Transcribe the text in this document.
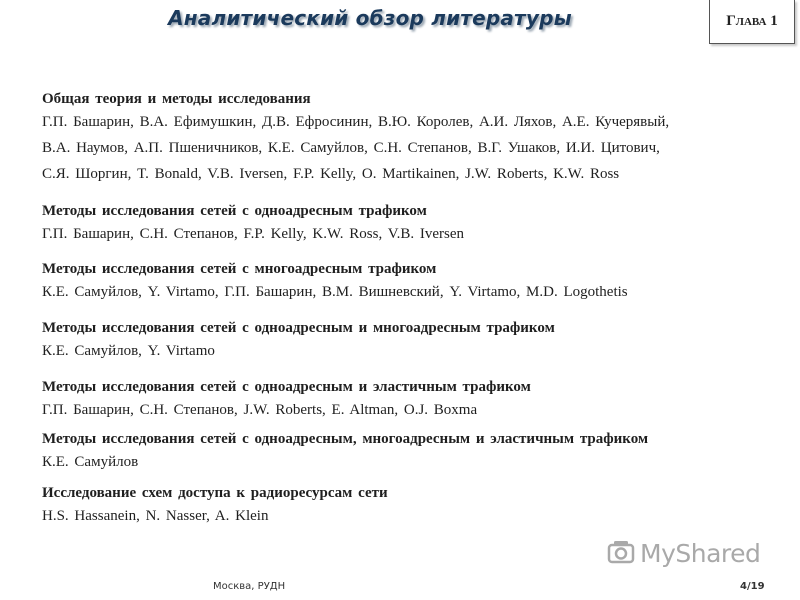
Аналитический обзор литературы	Глава 1
Общая теория и методы исследования
Г.П. Башарин, В.А. Ефимушкин, Д.В. Ефросинин, В.Ю. Королев, А.И. Ляхов, А.Е. Кучерявый,
В.А. Наумов, А.П. Пшеничников, К.Е. Самуйлов, С.Н. Степанов, В.Г. Ушаков, И.И. Цитович,
С.Я. Шоргин, T. Bonald, V.B. Iversen, F.P. Kelly, O. Martikainen, J.W. Roberts, K.W. Ross
Методы исследования сетей с одноадресным трафиком
Г.П. Башарин, С.Н. Степанов, F.P. Kelly, K.W. Ross, V.B. Iversen
Методы исследования сетей с многоадресным трафиком
К.Е. Самуйлов, Y. Virtamo, Г.П. Башарин, В.М. Вишневский, Y. Virtamo, M.D. Logothetis
Методы исследования сетей с одноадресным и многоадресным трафиком
К.Е. Самуйлов, Y. Virtamo
Методы исследования сетей с одноадресным и эластичным трафиком
Г.П. Башарин, С.Н. Степанов, J.W. Roberts, E. Altman, O.J. Boxma
Методы исследования сетей с одноадресным, многоадресным и эластичным трафиком
К.Е. Самуйлов
Исследование схем доступа к радиоресурсам сети
H.S. Hassanein, N. Nasser, A. Klein
MyShared
Москва, РУДН	4/19
